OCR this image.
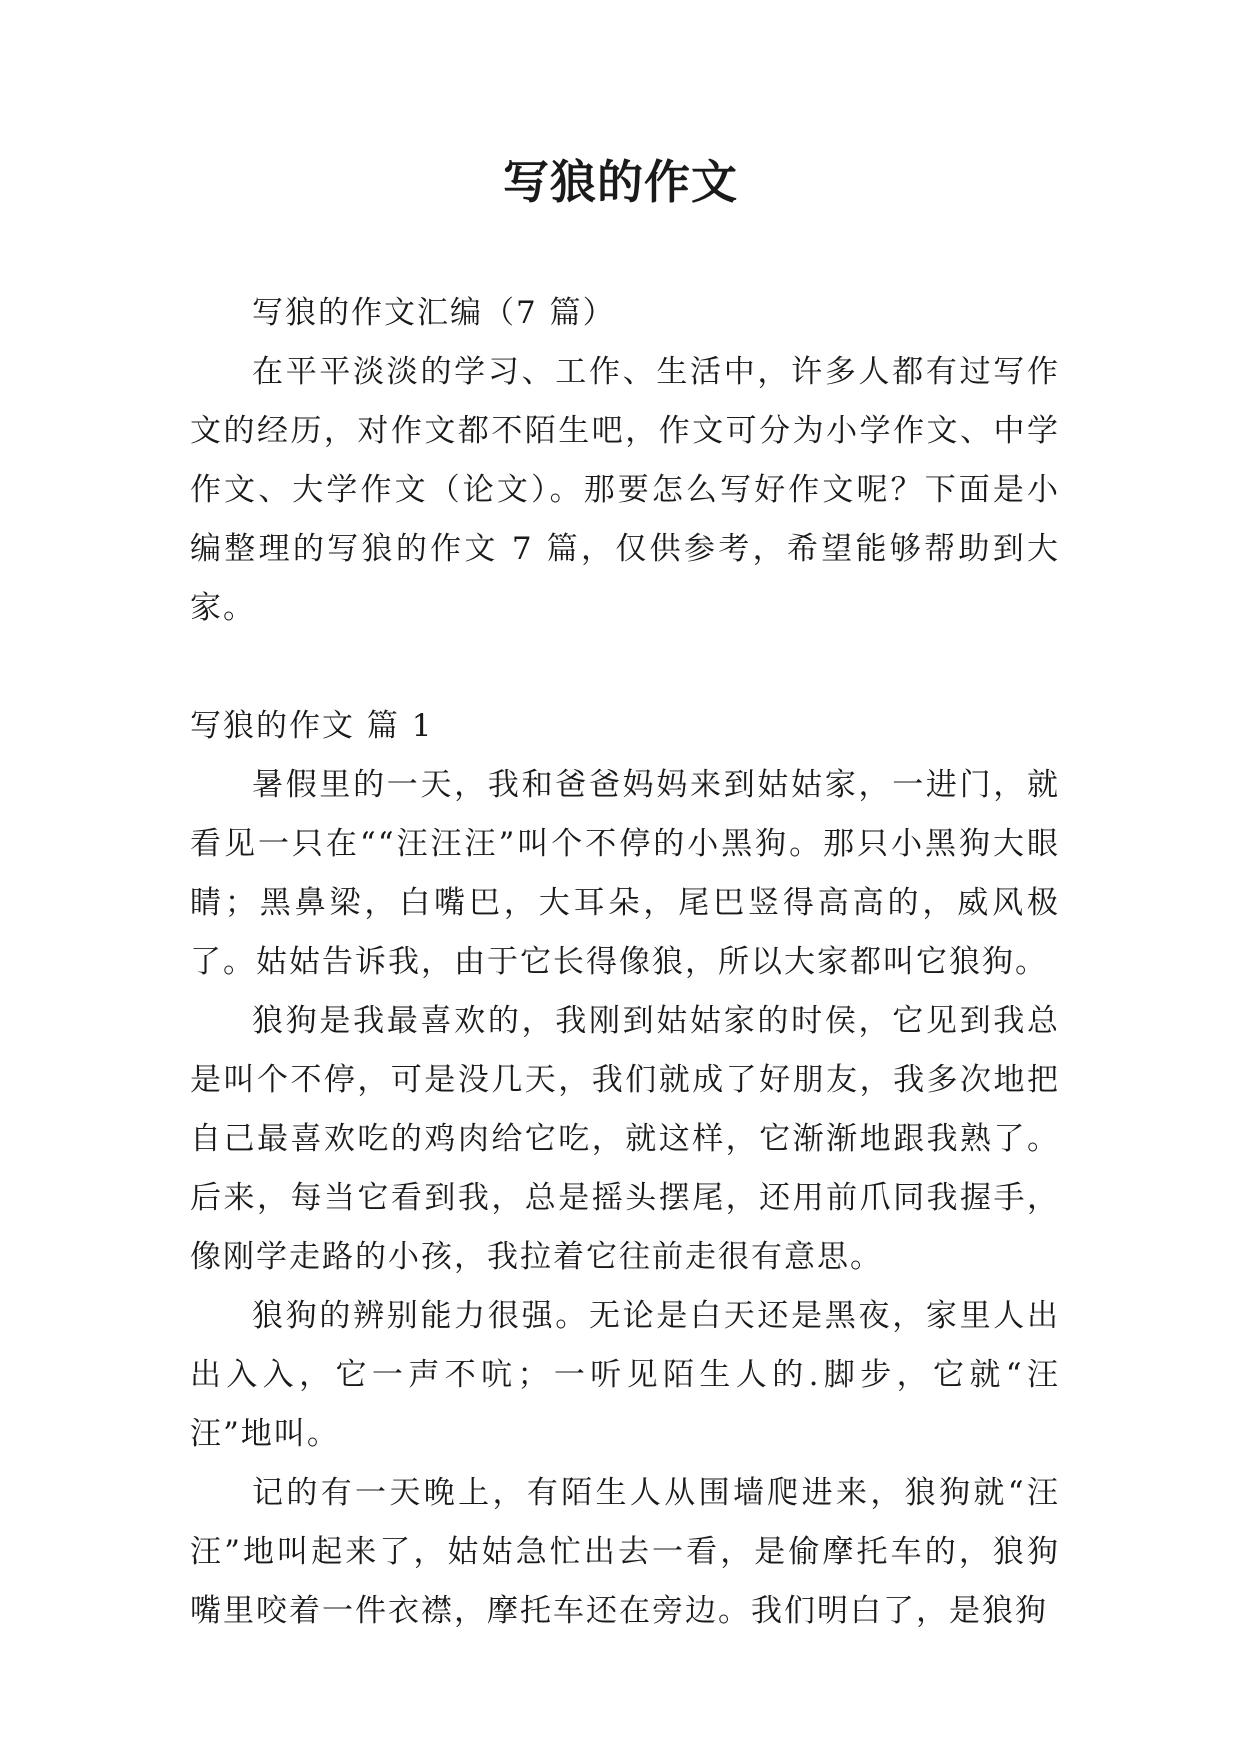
写狼的作文

写狼的作文汇编（7 篇）

在平平淡淡的学习、工作、生活中，许多人都有过写作文的经历，对作文都不陌生吧，作文可分为小学作文、中学作文、大学作文（论文）。那要怎么写好作文呢？下面是小编整理的写狼的作文 7 篇，仅供参考，希望能够帮助到大家。

写狼的作文 篇 1

暑假里的一天，我和爸爸妈妈来到姑姑家，一进门，就看见一只在““汪汪汪”叫个不停的小黑狗。那只小黑狗大眼睛；黑鼻梁，白嘴巴，大耳朵，尾巴竖得高高的，威风极了。姑姑告诉我，由于它长得像狼，所以大家都叫它狼狗。

狼狗是我最喜欢的，我刚到姑姑家的时侯，它见到我总是叫个不停，可是没几天，我们就成了好朋友，我多次地把自己最喜欢吃的鸡肉给它吃，就这样，它渐渐地跟我熟了。后来，每当它看到我，总是摇头摆尾，还用前爪同我握手，像刚学走路的小孩，我拉着它往前走很有意思。

狼狗的辨别能力很强。无论是白天还是黑夜，家里人出出入入，它一声不吭；一听见陌生人的.脚步，它就“汪汪”地叫。

记的有一天晚上，有陌生人从围墙爬进来，狼狗就“汪汪”地叫起来了，姑姑急忙出去一看，是偷摩托车的，狼狗嘴里咬着一件衣襟，摩托车还在旁边。我们明白了，是狼狗
